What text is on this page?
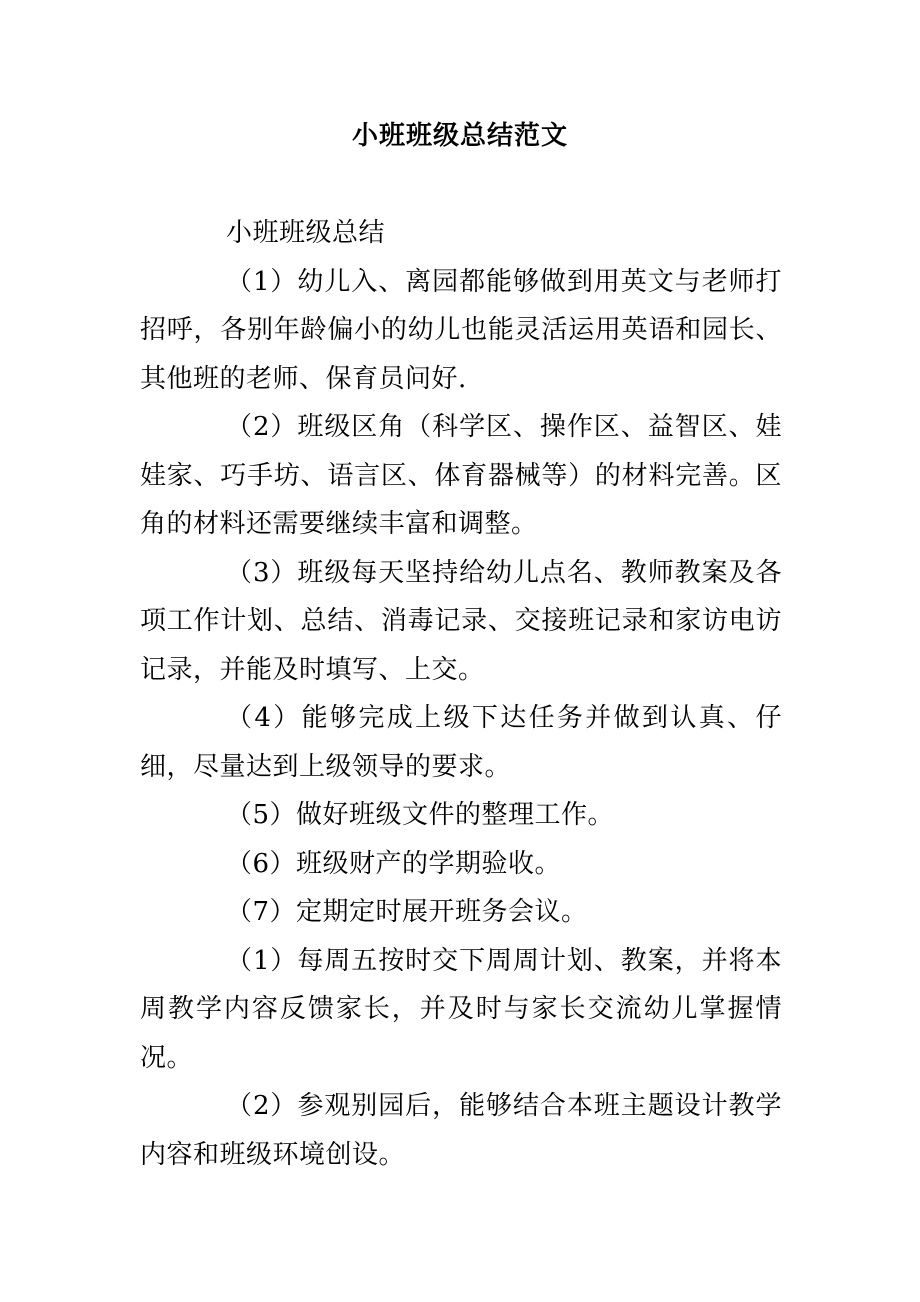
小班班级总结范文

小班班级总结

（1）幼儿入、离园都能够做到用英文与老师打招呼，各别年龄偏小的幼儿也能灵活运用英语和园长、其他班的老师、保育员问好.

（2）班级区角（科学区、操作区、益智区、娃娃家、巧手坊、语言区、体育器械等）的材料完善。区角的材料还需要继续丰富和调整。

（3）班级每天坚持给幼儿点名、教师教案及各项工作计划、总结、消毒记录、交接班记录和家访电访记录，并能及时填写、上交。

（4）能够完成上级下达任务并做到认真、仔细，尽量达到上级领导的要求。

（5）做好班级文件的整理工作。

（6）班级财产的学期验收。

（7）定期定时展开班务会议。

（1）每周五按时交下周周计划、教案，并将本周教学内容反馈家长，并及时与家长交流幼儿掌握情况。

（2）参观别园后，能够结合本班主题设计教学内容和班级环境创设。
